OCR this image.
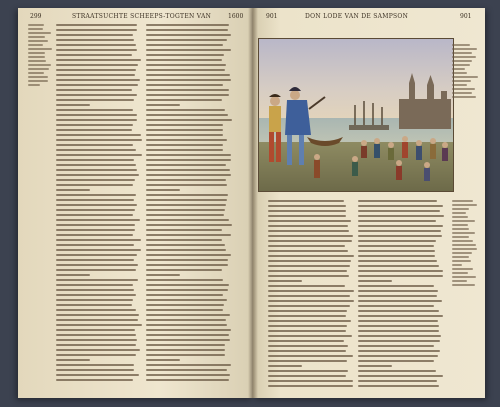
299	STRAATSUCHTE SCHEEPS-TOGTEN VAN	1600	901	DON LODE VAN DE SAMPSON	901
